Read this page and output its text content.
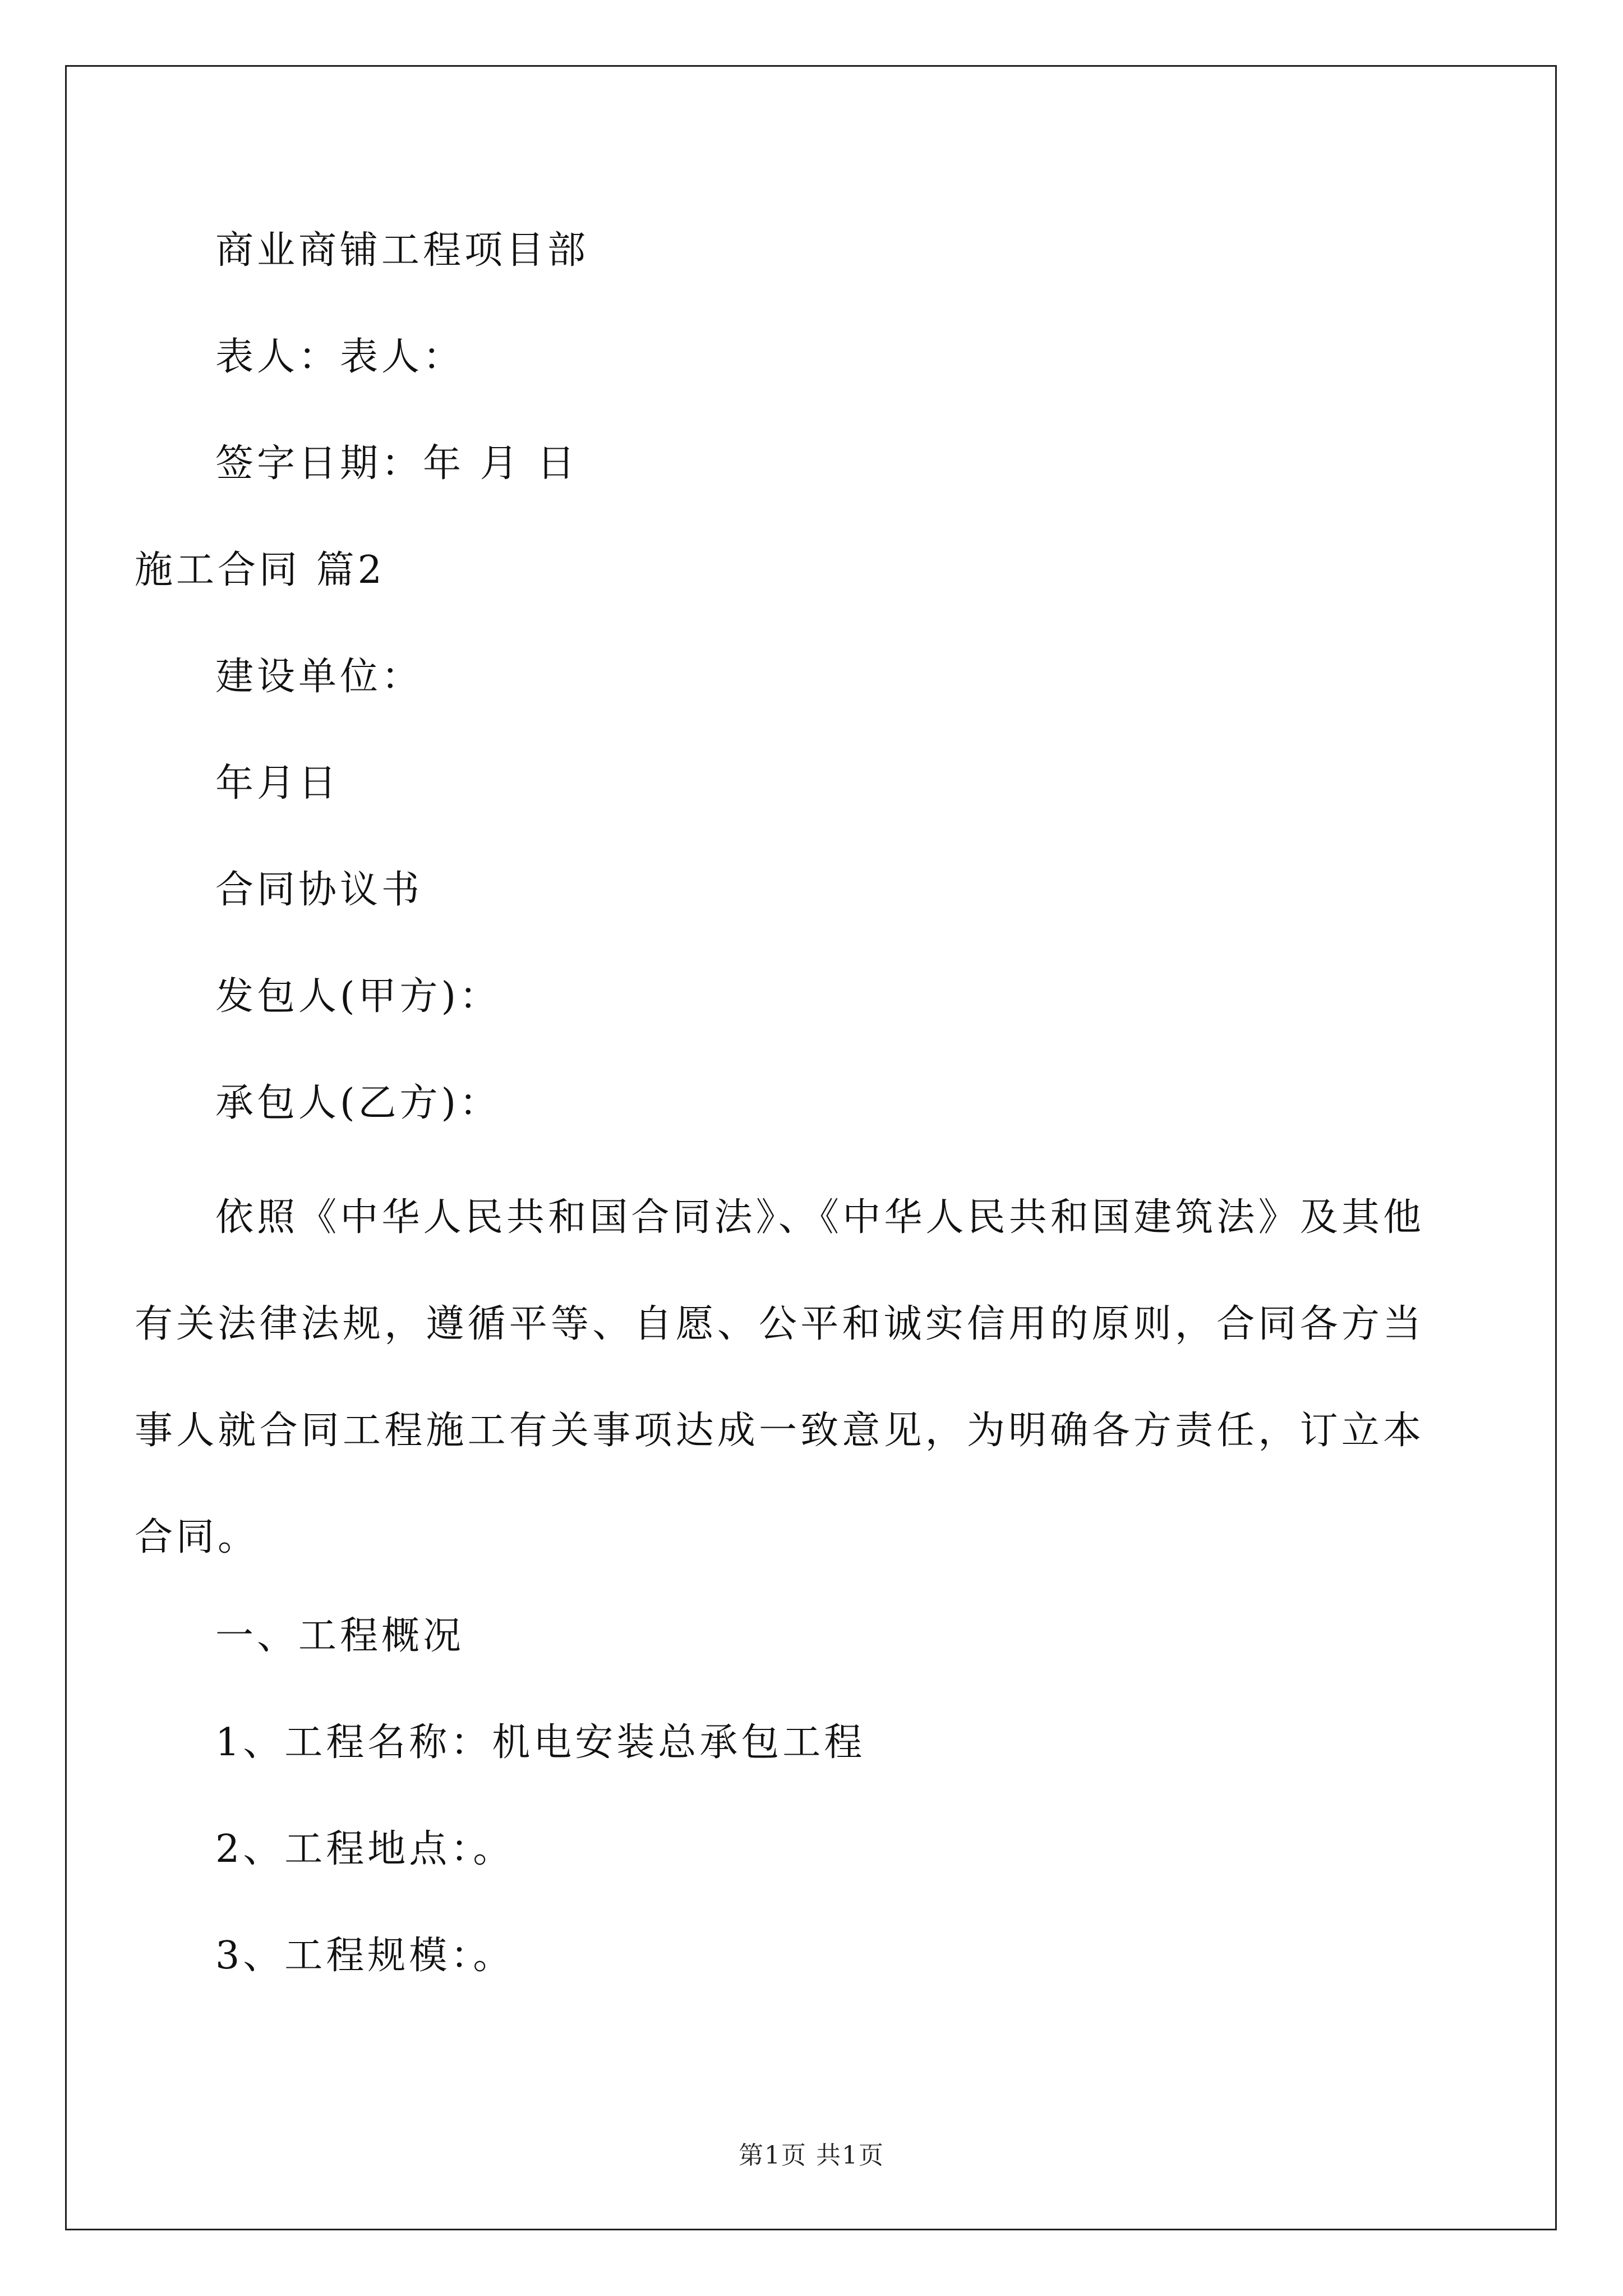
商业商铺工程项目部
表人：表人：
签字日期：年 月 日
施工合同 篇2
建设单位：
年月日
合同协议书
发包人(甲方)：
承包人(乙方)：

依照《中华人民共和国合同法》、《中华人民共和国建筑法》及其他有关法律法规，遵循平等、自愿、公平和诚实信用的原则，合同各方当事人就合同工程施工有关事项达成一致意见，为明确各方责任，订立本合同。

一、工程概况
1、工程名称：机电安装总承包工程
2、工程地点：。
3、工程规模：。
第1页 共1页
